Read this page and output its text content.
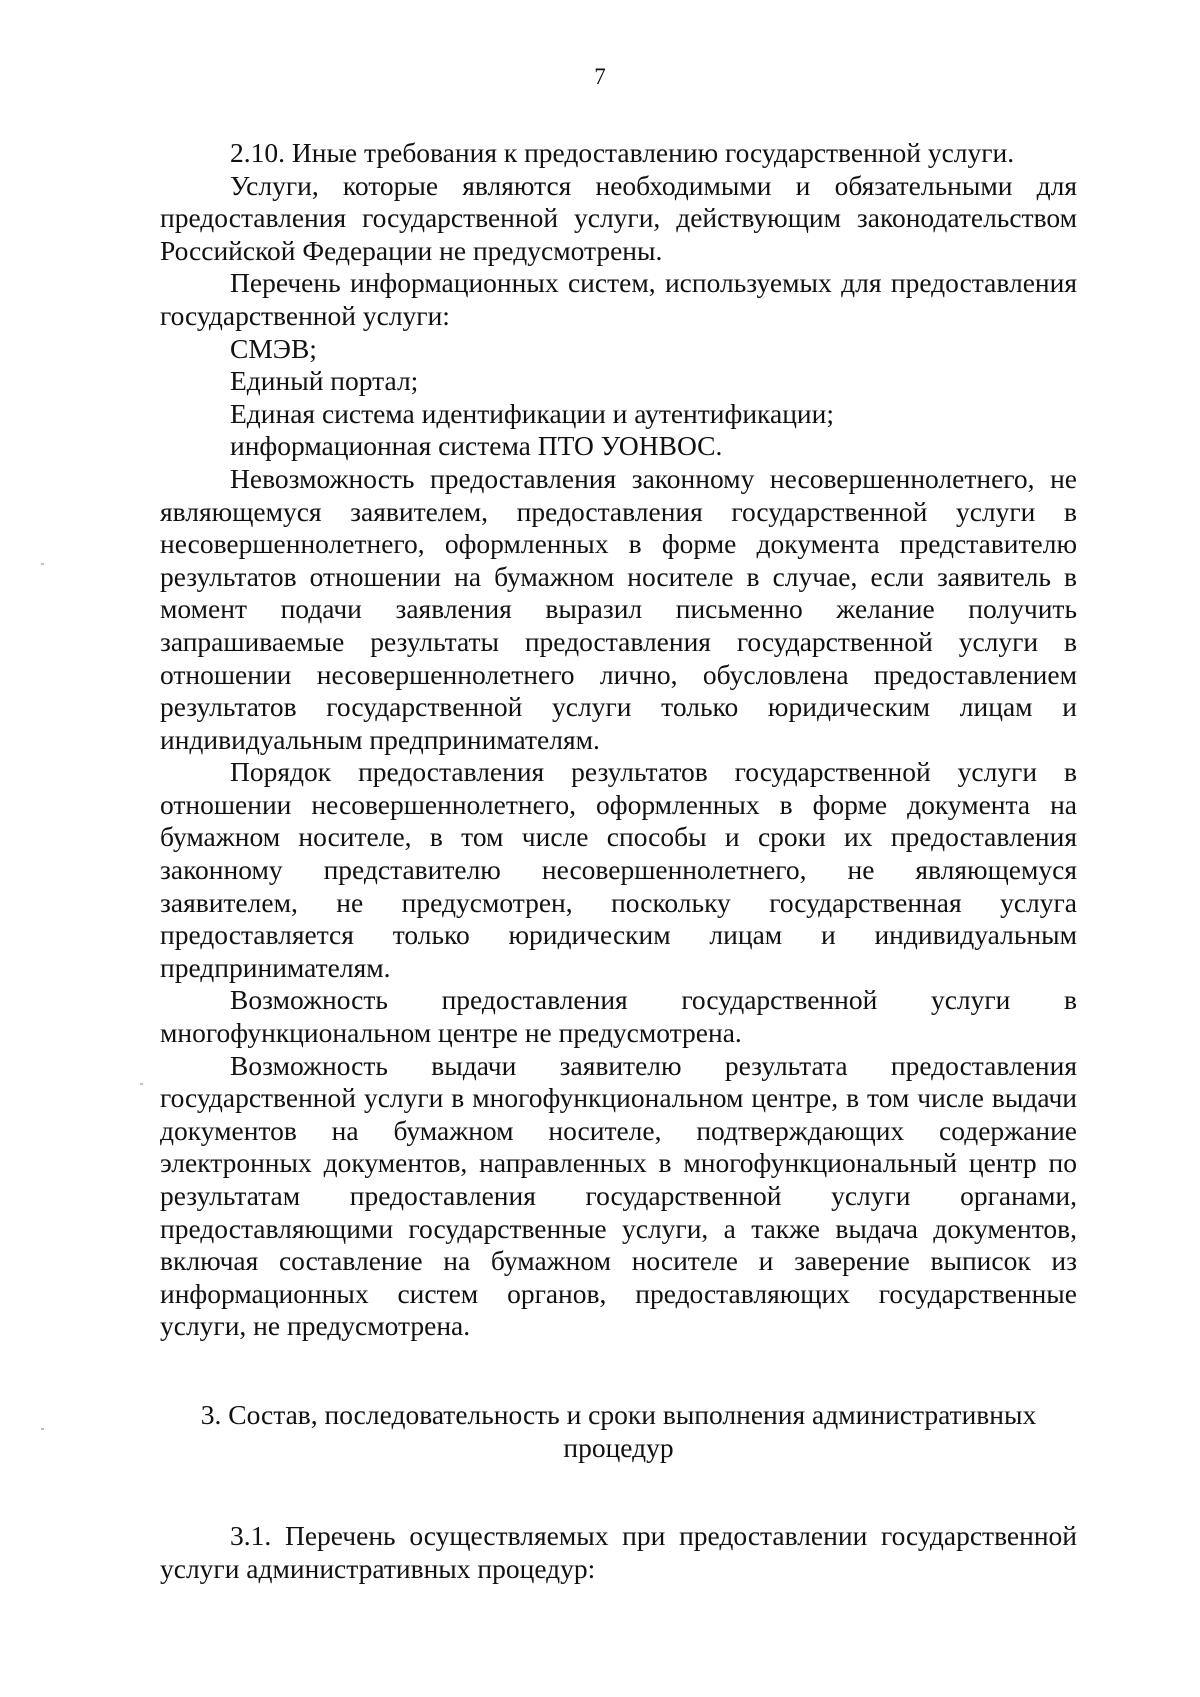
7

2.10. Иные требования к предоставлению государственной услуги.

Услуги, которые являются необходимыми и обязательными для предоставления государственной услуги, действующим законодательством Российской Федерации не предусмотрены.

Перечень информационных систем, используемых для предоставления государственной услуги:

СМЭВ;

Единый портал;

Единая система идентификации и аутентификации;

информационная система ПТО УОНВОС.

Невозможность предоставления законному несовершеннолетнего, не являющемуся заявителем, предоставления государственной услуги в несовершеннолетнего, оформленных в форме документа представителю результатов отношении на бумажном носителе в случае, если заявитель в момент подачи заявления выразил письменно желание получить запрашиваемые результаты предоставления государственной услуги в отношении несовершеннолетнего лично, обусловлена предоставлением результатов государственной услуги только юридическим лицам и индивидуальным предпринимателям.

Порядок предоставления результатов государственной услуги в отношении несовершеннолетнего, оформленных в форме документа на бумажном носителе, в том числе способы и сроки их предоставления законному представителю несовершеннолетнего, не являющемуся заявителем, не предусмотрен, поскольку государственная услуга предоставляется только юридическим лицам и индивидуальным предпринимателям.

Возможность предоставления государственной услуги в многофункциональном центре не предусмотрена.

Возможность выдачи заявителю результата предоставления государственной услуги в многофункциональном центре, в том числе выдачи документов на бумажном носителе, подтверждающих содержание электронных документов, направленных в многофункциональный центр по результатам предоставления государственной услуги органами, предоставляющими государственные услуги, а также выдача документов, включая составление на бумажном носителе и заверение выписок из информационных систем органов, предоставляющих государственные услуги, не предусмотрена.

3. Состав, последовательность и сроки выполнения административных процедур

3.1. Перечень осуществляемых при предоставлении государственной услуги административных процедур:
